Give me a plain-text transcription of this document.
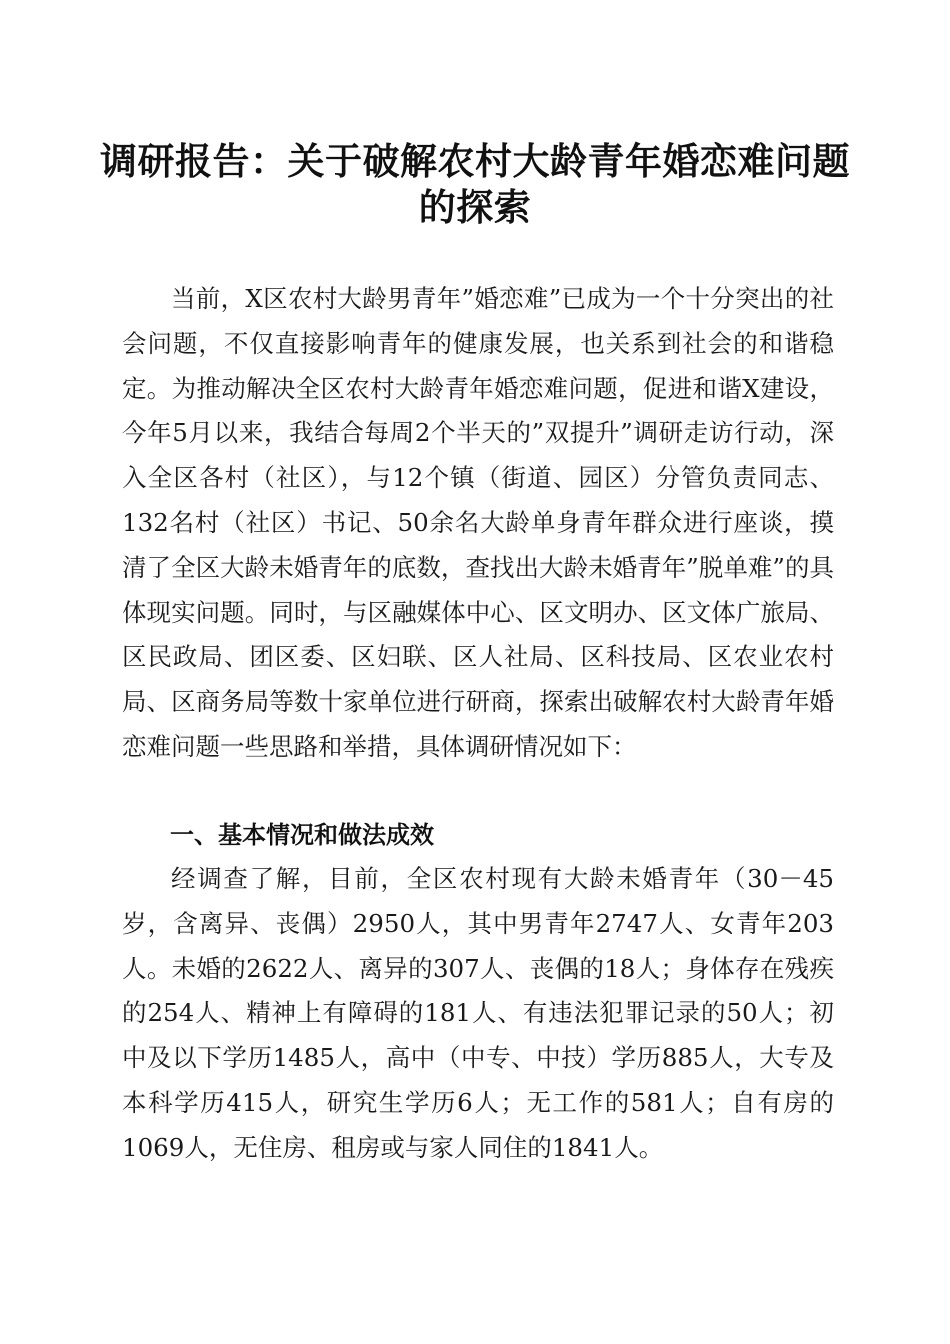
调研报告：关于破解农村大龄青年婚恋难问题
的探索

当前，X区农村大龄男青年”婚恋难”已成为一个十分突出的社会问题，不仅直接影响青年的健康发展，也关系到社会的和谐稳定。为推动解决全区农村大龄青年婚恋难问题，促进和谐X建设，今年5月以来，我结合每周2个半天的”双提升”调研走访行动，深入全区各村（社区），与12个镇（街道、园区）分管负责同志、132名村（社区）书记、50余名大龄单身青年群众进行座谈，摸清了全区大龄未婚青年的底数，查找出大龄未婚青年”脱单难”的具体现实问题。同时，与区融媒体中心、区文明办、区文体广旅局、区民政局、团区委、区妇联、区人社局、区科技局、区农业农村局、区商务局等数十家单位进行研商，探索出破解农村大龄青年婚恋难问题一些思路和举措，具体调研情况如下：

一、基本情况和做法成效

经调查了解，目前，全区农村现有大龄未婚青年（30－45岁，含离异、丧偶）2950人，其中男青年2747人、女青年203人。未婚的2622人、离异的307人、丧偶的18人；身体存在残疾的254人、精神上有障碍的181人、有违法犯罪记录的50人；初中及以下学历1485人，高中（中专、中技）学历885人，大专及本科学历415人，研究生学历6人；无工作的581人；自有房的1069人，无住房、租房或与家人同住的1841人。
